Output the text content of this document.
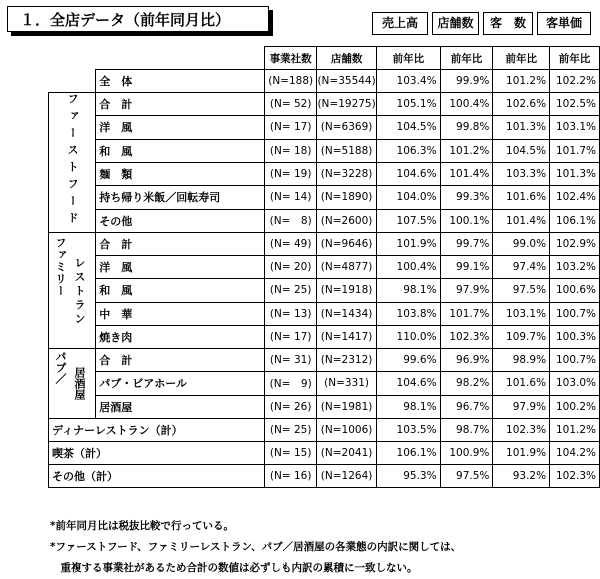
１．全店データ（前年同月比）	売上高	店舗数	客　数	客単価
		事業社数	店舗数	前年比	前年比	前年比	前年比
	全　体	(N=188)	(N=35544)	103.4%	99.9%	101.2%	102.2%
ファーストフード	合　計	(N= 52)	(N=19275)	105.1%	100.4%	102.6%	102.5%
	洋　風	(N= 17)	(N=6369)	104.5%	99.8%	101.3%	103.1%
	和　風	(N= 18)	(N=5188)	106.3%	101.2%	104.5%	101.7%
	麺　類	(N= 19)	(N=3228)	104.6%	101.4%	103.3%	101.3%
	持ち帰り米飯／回転寿司	(N= 14)	(N=1890)	104.0%	99.3%	101.6%	102.4%
	その他	(N=　8)	(N=2600)	107.5%	100.1%	101.4%	106.1%

ファミリー レストラン	合　計	(N= 49)	(N=9646)	101.9%	99.7%	99.0%	102.9%
	洋　風	(N= 20)	(N=4877)	100.4%	99.1%	97.4%	103.2%
	和　風	(N= 25)	(N=1918)	98.1%	97.9%	97.5%	100.6%
	中　華	(N= 13)	(N=1434)	103.8%	101.7%	103.1%	100.7%
	焼き肉	(N= 17)	(N=1417)	110.0%	102.3%	109.7%	100.3%

パブ／ 居酒屋	合　計	(N= 31)	(N=2312)	99.6%	96.9%	98.9%	100.7%
	パブ・ビアホール	(N=　9)	(N=331)	104.6%	98.2%	101.6%	103.0%
	居酒屋	(N= 26)	(N=1981)	98.1%	96.7%	97.9%	100.2%
ディナーレストラン（計）		(N= 25)	(N=1006)	103.5%	98.7%	102.3%	101.2%
喫茶（計）		(N= 15)	(N=2041)	106.1%	100.9%	101.9%	104.2%
その他（計）		(N= 16)	(N=1264)	95.3%	97.5%	93.2%	102.3%
*前年同月比は税抜比較で行っている。
*ファーストフード、ファミリーレストラン、パブ／居酒屋の各業態の内訳に関しては、
　重複する事業社があるため合計の数値は必ずしも内訳の累積に一致しない。
